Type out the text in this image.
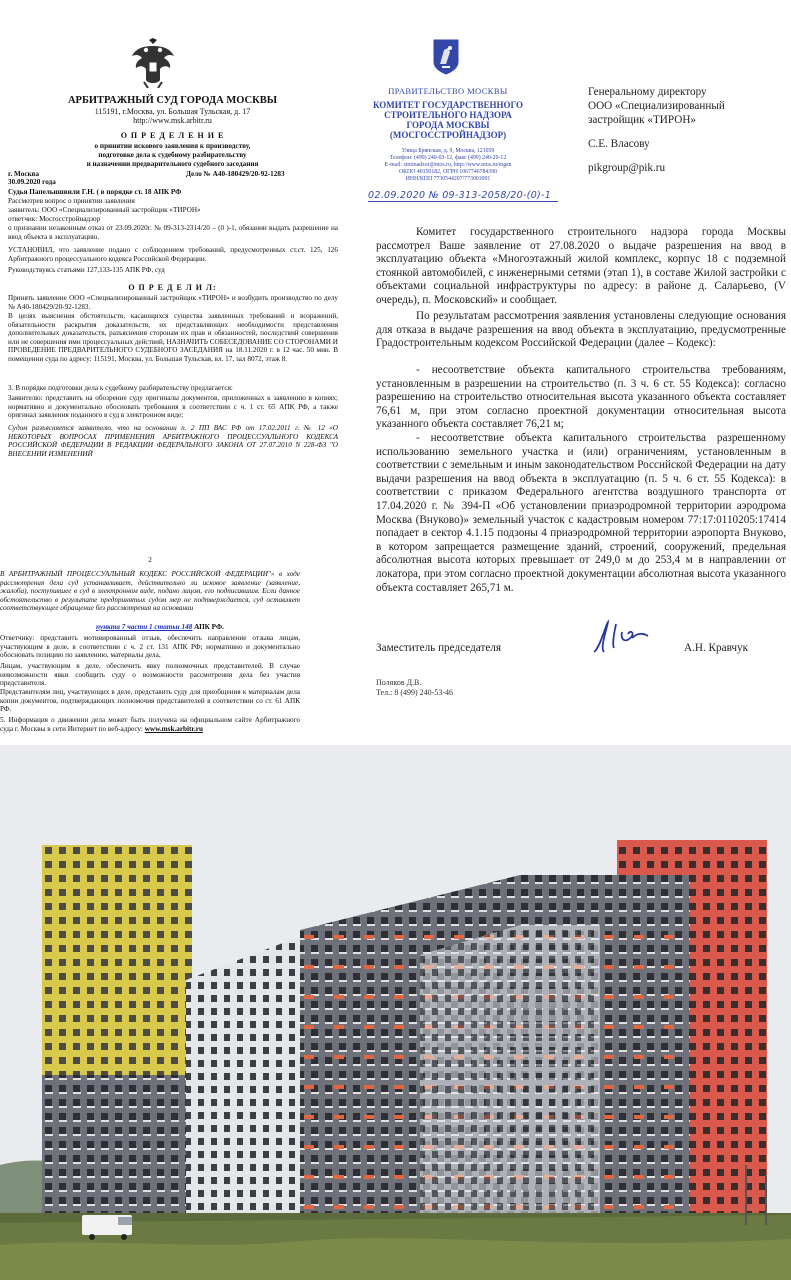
АРБИТРАЖНЫЙ СУД ГОРОДА МОСКВЫ
115191, г.Москва, ул. Большая Тульская, д. 17
http://www.msk.arbitr.ru
О П Р Е Д Е Л Е Н И Е
о принятии искового заявления к производству,
подготовке дела к судебному разбирательству
и назначении предварительного судебного заседания
г. Москва
30.09.2020 года
Дело № А40-180429/20-92-1283
Судья Папельишвили Г.Н. ( в порядке ст. 18 АПК РФ
Рассмотрев вопрос о принятии заявления
заявитель: ООО «Специализированный застройщик «ТИРОН»
ответчик: Мосгосстройнадзор
о признании незаконным отказ от 23.09.2020г. № 09-313-2314/20 – (0 )-1, обязании выдать разрешение на ввод объекта в эксплуатацию.
УСТАНОВИЛ, что заявление подано с соблюдением требований, предусмотренных ст.ст. 125, 126 Арбитражного процессуального кодекса Российской Федерации.
Руководствуясь статьями 127,133-135 АПК РФ, суд
О П Р Е Д Е Л И Л:
Принять заявление ООО «Специализированный застройщик «ТИРОН» и возбудить производство по делу № А40-180429/20-92-1283.
В целях выяснения обстоятельств, касающихся существа заявленных требований и возражений, обязательности раскрытия доказательств, их представляющих необходимости представления дополнительных доказательств, разъяснения сторонам их прав и обязанностей, последствий совершения или не совершения ими процессуальных действий, НАЗНАЧИТЬ СОБЕСЕДОВАНИЕ СО СТОРОНАМИ И ПРОВЕДЕНИЕ ПРЕДВАРИТЕЛЬНОГО СУДЕБНОГО ЗАСЕДАНИЯ на 18.11.2020 г. в 12 час. 50 мин. В помещении суда по адресу: 115191, Москва, ул. Большая Тульская, вл. 17, зал 8072, этаж 8.
3. В порядке подготовки дела к судебному разбирательству предлагается:
Заявителю: представить на обозрение суду оригиналы документов, приложенных к заявлению в копиях; нормативно и документально обосновать требования в соответствии с ч. 1 ст. 65 АПК РФ, а также оригинал заявления поданного в суд в электронном виде;
Судом разъясняется заявителю, что на основании п. 2 ПП ВАС РФ от 17.02.2011 г. № 12 «О НЕКОТОРЫХ ВОПРОСАХ ПРИМЕНЕНИЯ АРБИТРАЖНОГО ПРОЦЕССУАЛЬНОГО КОДЕКСА РОССИЙСКОЙ ФЕДЕРАЦИИ В РЕДАКЦИИ ФЕДЕРАЛЬНОГО ЗАКОНА ОТ 27.07.2010 N 228-ФЗ "О ВНЕСЕНИИ ИЗМЕНЕНИЙ
2
В АРБИТРАЖНЫЙ ПРОЦЕССУАЛЬНЫЙ КОДЕКС РОССИЙСКОЙ ФЕДЕРАЦИИ"» в ходе рассмотрения дела суд устанавливает, действительно ли исковое заявление (заявление, жалоба), поступившее в суд в электронном виде, подано лицом, его подписавшим. Если данное обстоятельство в результате предпринятых судом мер не подтверждается, суд оставляет соответствующее обращение без рассмотрения на основании
пункта 7 части 1 статьи 148 АПК РФ.
Ответчику: представить мотивированный отзыв, обеспечить направление отзыва лицам, участвующим в деле, в соответствии с ч. 2 ст. 131 АПК РФ; нормативно и документально обосновать позицию по заявлению, материалы дела,
Лицам, участвующим в деле, обеспечить явку полномочных представителей. В случае невозможности явки сообщить суду о возможности рассмотрения дела без участия представителя.
Представителям лиц, участвующих в деле, представить суду для приобщения к материалам дела копии документов, подтверждающих полномочия представителей в соответствии со ст. 61 АПК РФ.
5. Информация о движении дела может быть получена на официальном сайте Арбитражного суда г. Москвы в сети Интернет по веб-адресу: www.msk.arbitr.ru
ПРАВИТЕЛЬСТВО МОСКВЫ
КОМИТЕТ ГОСУДАРСТВЕННОГО
СТРОИТЕЛЬНОГО НАДЗОРА
ГОРОДА МОСКВЫ
(МОСГОССТРОЙНАДЗОР)
Улица Брянская, д. 9, Москва, 121059
Телефон: (499) 240-03-12, факс (499) 240-20-12
E-mail: stroinadzor@mos.ru, http://www.mos.ru/mgsn
ОКПО 40150182, ОГРН 1067746784390
ИНН/КПП 7730544207/773001001
02.09.2020 № 09-313-2058/20-(0)-1
Генеральному директору
ООО «Специализированный
застройщик «ТИРОН»
С.Е. Власову
pikgroup@pik.ru
Комитет государственного строительного надзора города Москвы рассмотрел Ваше заявление от 27.08.2020 о выдаче разрешения на ввод в эксплуатацию объекта «Многоэтажный жилой комплекс, корпус 18 с подземной стоянкой автомобилей, с инженерными сетями (этап 1), в составе Жилой застройки с объектами социальной инфраструктуры по адресу: в районе д. Саларьево, (V очередь), п. Московский» и сообщает.
По результатам рассмотрения заявления установлены следующие основания для отказа в выдаче разрешения на ввод объекта в эксплуатацию, предусмотренные Градостроительным кодексом Российской Федерации (далее – Кодекс):
- несоответствие объекта капитального строительства требованиям, установленным в разрешении на строительство (п. 3 ч. 6 ст. 55 Кодекса): согласно разрешению на строительство относительная высота указанного объекта составляет 76,61 м, при этом согласно проектной документации относительная высота указанного объекта составляет 76,21 м;
- несоответствие объекта капитального строительства разрешенному использованию земельного участка и (или) ограничениям, установленным в соответствии с земельным и иным законодательством Российской Федерации на дату выдачи разрешения на ввод объекта в эксплуатацию (п. 5 ч. 6 ст. 55 Кодекса): в соответствии с приказом Федерального агентства воздушного транспорта от 17.04.2020 г. № 394-П «Об установлении приаэродромной территории аэродрома Москва (Внуково)» земельный участок с кадастровым номером 77:17:0110205:17414 попадает в сектор 4.1.15 подзоны 4 приаэродромной территории аэропорта Внуково, в котором запрещается размещение зданий, строений, сооружений, предельная абсолютная высота которых превышает от 249,0 м до 253,4 м в направлении от локатора, при этом согласно проектной документации абсолютная высота указанного объекта составляет 265,71 м.
Заместитель председателя	А.Н. Кравчук
Поляков Д.В.
Тел.: 8 (499) 240-53-46
